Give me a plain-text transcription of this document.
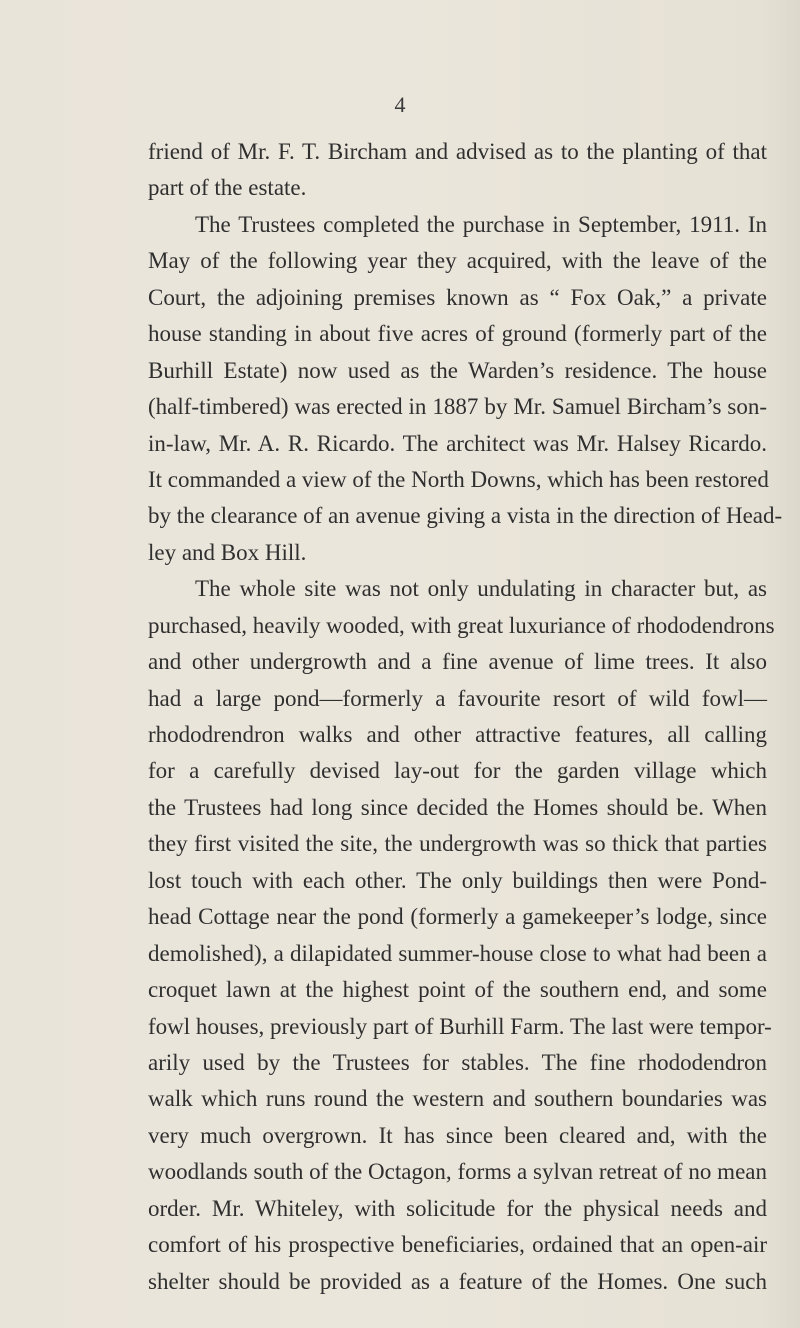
4
friend of Mr. F. T. Bircham and advised as to the planting of that
part of the estate.
The Trustees completed the purchase in September, 1911. In
May of the following year they acquired, with the leave of the
Court, the adjoining premises known as “ Fox Oak,” a private
house standing in about five acres of ground (formerly part of the
Burhill Estate) now used as the Warden’s residence. The house
(half-timbered) was erected in 1887 by Mr. Samuel Bircham’s son-
in-law, Mr. A. R. Ricardo. The architect was Mr. Halsey Ricardo.
It commanded a view of the North Downs, which has been restored
by the clearance of an avenue giving a vista in the direction of Head-
ley and Box Hill.
The whole site was not only undulating in character but, as
purchased, heavily wooded, with great luxuriance of rhododendrons
and other undergrowth and a fine avenue of lime trees. It also
had a large pond—formerly a favourite resort of wild fowl—
rhododrendron walks and other attractive features, all calling
for a carefully devised lay-out for the garden village which
the Trustees had long since decided the Homes should be. When
they first visited the site, the undergrowth was so thick that parties
lost touch with each other. The only buildings then were Pond-
head Cottage near the pond (formerly a gamekeeper’s lodge, since
demolished), a dilapidated summer-house close to what had been a
croquet lawn at the highest point of the southern end, and some
fowl houses, previously part of Burhill Farm. The last were tempor-
arily used by the Trustees for stables. The fine rhododendron
walk which runs round the western and southern boundaries was
very much overgrown. It has since been cleared and, with the
woodlands south of the Octagon, forms a sylvan retreat of no mean
order. Mr. Whiteley, with solicitude for the physical needs and
comfort of his prospective beneficiaries, ordained that an open-air
shelter should be provided as a feature of the Homes. One such
